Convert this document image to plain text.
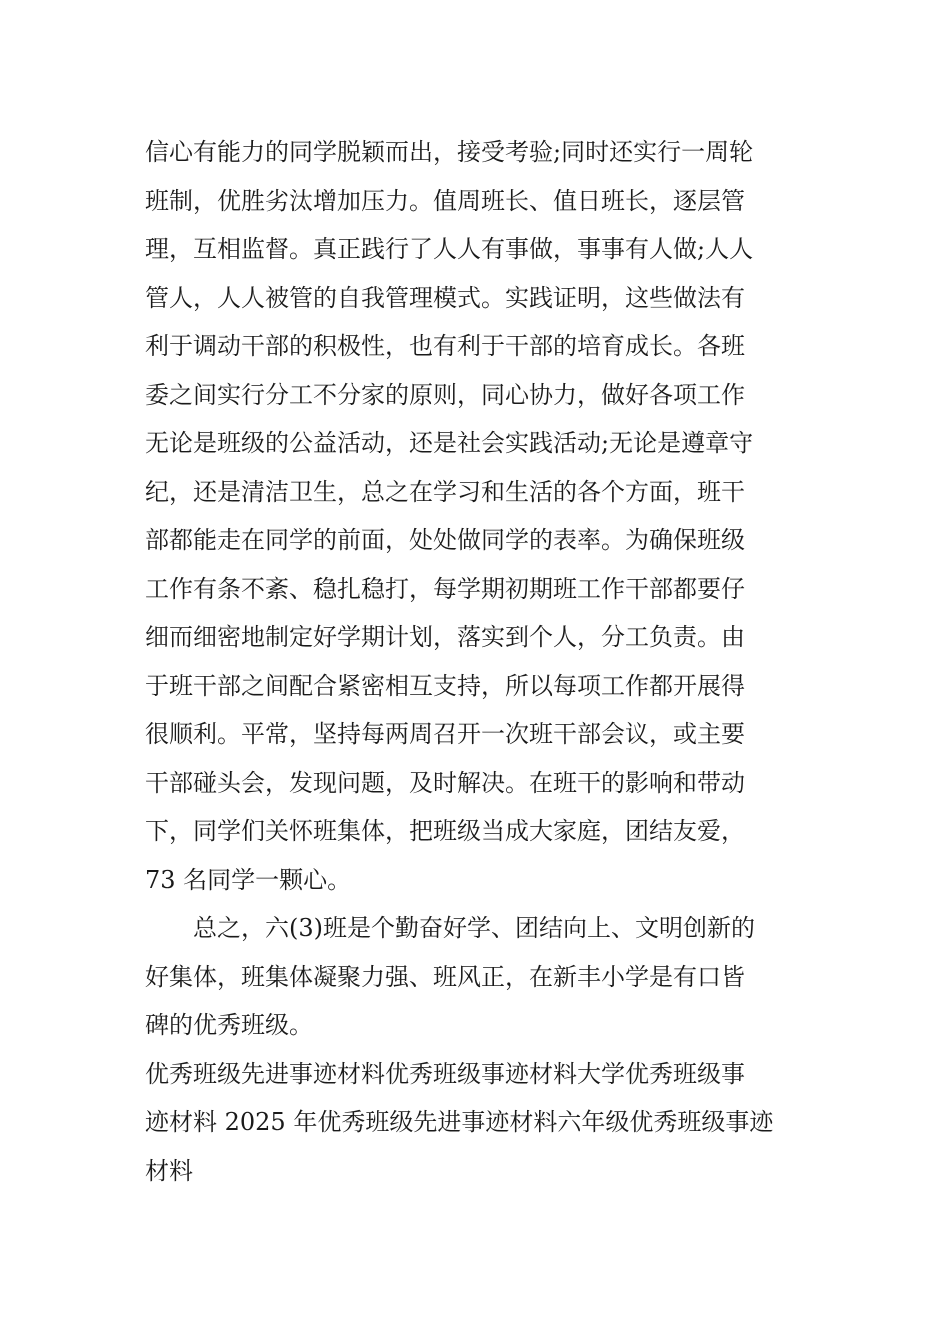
信心有能力的同学脱颖而出，接受考验;同时还实行一周轮
班制，优胜劣汰增加压力。值周班长、值日班长，逐层管
理，互相监督。真正践行了人人有事做，事事有人做;人人
管人，人人被管的自我管理模式。实践证明，这些做法有
利于调动干部的积极性，也有利于干部的培育成长。各班
委之间实行分工不分家的原则，同心协力，做好各项工作
无论是班级的公益活动，还是社会实践活动;无论是遵章守
纪，还是清洁卫生，总之在学习和生活的各个方面，班干
部都能走在同学的前面，处处做同学的表率。为确保班级
工作有条不紊、稳扎稳打，每学期初期班工作干部都要仔
细而细密地制定好学期计划，落实到个人，分工负责。由
于班干部之间配合紧密相互支持，所以每项工作都开展得
很顺利。平常，坚持每两周召开一次班干部会议，或主要
干部碰头会，发现问题，及时解决。在班干的影响和带动
下，同学们关怀班集体，把班级当成大家庭，团结友爱，
73 名同学一颗心。
　　总之，六(3)班是个勤奋好学、团结向上、文明创新的
好集体，班集体凝聚力强、班风正，在新丰小学是有口皆
碑的优秀班级。
优秀班级先进事迹材料优秀班级事迹材料大学优秀班级事
迹材料 2025 年优秀班级先进事迹材料六年级优秀班级事迹
材料
